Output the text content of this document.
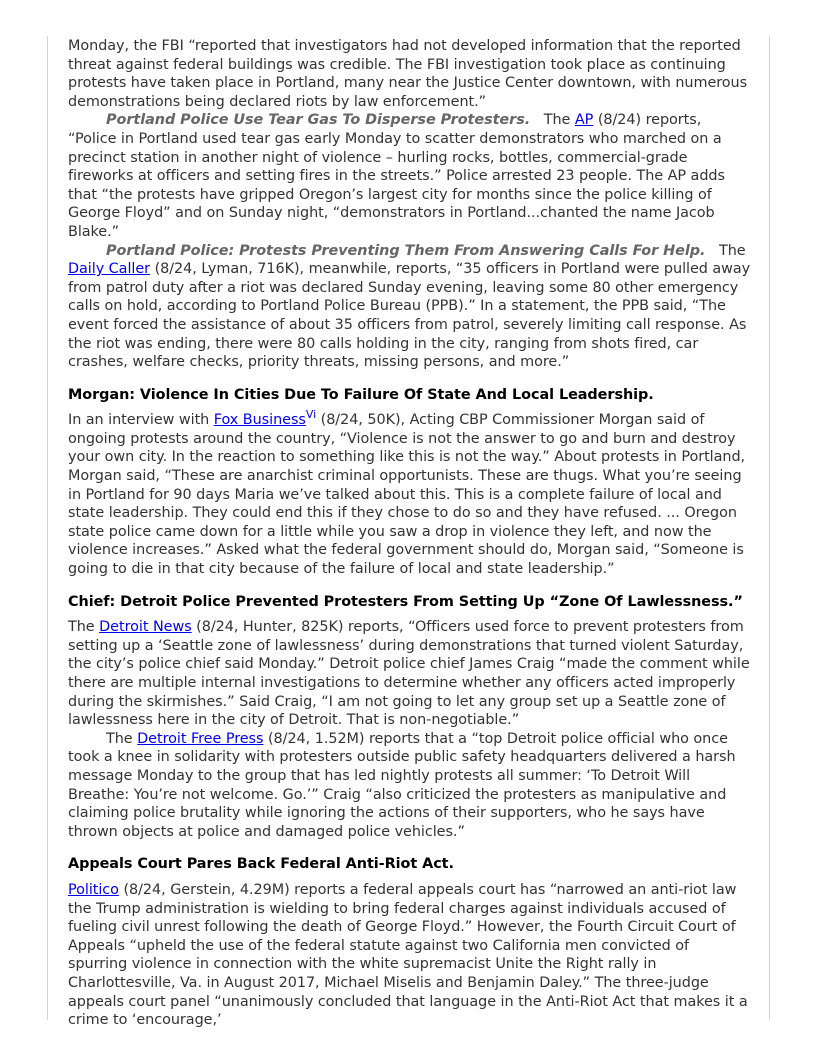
Monday, the FBI “reported that investigators had not developed information that the reported threat against federal buildings was credible. The FBI investigation took place as continuing protests have taken place in Portland, many near the Justice Center downtown, with numerous demonstrations being declared riots by law enforcement.”

Portland Police Use Tear Gas To Disperse Protesters. The AP (8/24) reports, “Police in Portland used tear gas early Monday to scatter demonstrators who marched on a precinct station in another night of violence – hurling rocks, bottles, commercial-grade fireworks at officers and setting fires in the streets.” Police arrested 23 people. The AP adds that “the protests have gripped Oregon’s largest city for months since the police killing of George Floyd” and on Sunday night, “demonstrators in Portland...chanted the name Jacob Blake.”

Portland Police: Protests Preventing Them From Answering Calls For Help. The Daily Caller (8/24, Lyman, 716K), meanwhile, reports, “35 officers in Portland were pulled away from patrol duty after a riot was declared Sunday evening, leaving some 80 other emergency calls on hold, according to Portland Police Bureau (PPB).” In a statement, the PPB said, “The event forced the assistance of about 35 officers from patrol, severely limiting call response. As the riot was ending, there were 80 calls holding in the city, ranging from shots fired, car crashes, welfare checks, priority threats, missing persons, and more.”

Morgan: Violence In Cities Due To Failure Of State And Local Leadership.

In an interview with Fox Business$^{Vi}$ (8/24, 50K), Acting CBP Commissioner Morgan said of ongoing protests around the country, “Violence is not the answer to go and burn and destroy your own city. In the reaction to something like this is not the way.” About protests in Portland, Morgan said, “These are anarchist criminal opportunists. These are thugs. What you’re seeing in Portland for 90 days Maria we’ve talked about this. This is a complete failure of local and state leadership. They could end this if they chose to do so and they have refused. ... Oregon state police came down for a little while you saw a drop in violence they left, and now the violence increases.” Asked what the federal government should do, Morgan said, “Someone is going to die in that city because of the failure of local and state leadership.”

Chief: Detroit Police Prevented Protesters From Setting Up “Zone Of Lawlessness.”

The Detroit News (8/24, Hunter, 825K) reports, “Officers used force to prevent protesters from setting up a ‘Seattle zone of lawlessness’ during demonstrations that turned violent Saturday, the city’s police chief said Monday.” Detroit police chief James Craig “made the comment while there are multiple internal investigations to determine whether any officers acted improperly during the skirmishes.” Said Craig, “I am not going to let any group set up a Seattle zone of lawlessness here in the city of Detroit. That is non-negotiable.”

The Detroit Free Press (8/24, 1.52M) reports that a “top Detroit police official who once took a knee in solidarity with protesters outside public safety headquarters delivered a harsh message Monday to the group that has led nightly protests all summer: ‘To Detroit Will Breathe: You’re not welcome. Go.’” Craig “also criticized the protesters as manipulative and claiming police brutality while ignoring the actions of their supporters, who he says have thrown objects at police and damaged police vehicles.”

Appeals Court Pares Back Federal Anti-Riot Act.

Politico (8/24, Gerstein, 4.29M) reports a federal appeals court has “narrowed an anti-riot law the Trump administration is wielding to bring federal charges against individuals accused of fueling civil unrest following the death of George Floyd.” However, the Fourth Circuit Court of Appeals “upheld the use of the federal statute against two California men convicted of spurring violence in connection with the white supremacist Unite the Right rally in Charlottesville, Va. in August 2017, Michael Miselis and Benjamin Daley.” The three-judge appeals court panel “unanimously concluded that language in the Anti-Riot Act that makes it a crime to ‘encourage,’
